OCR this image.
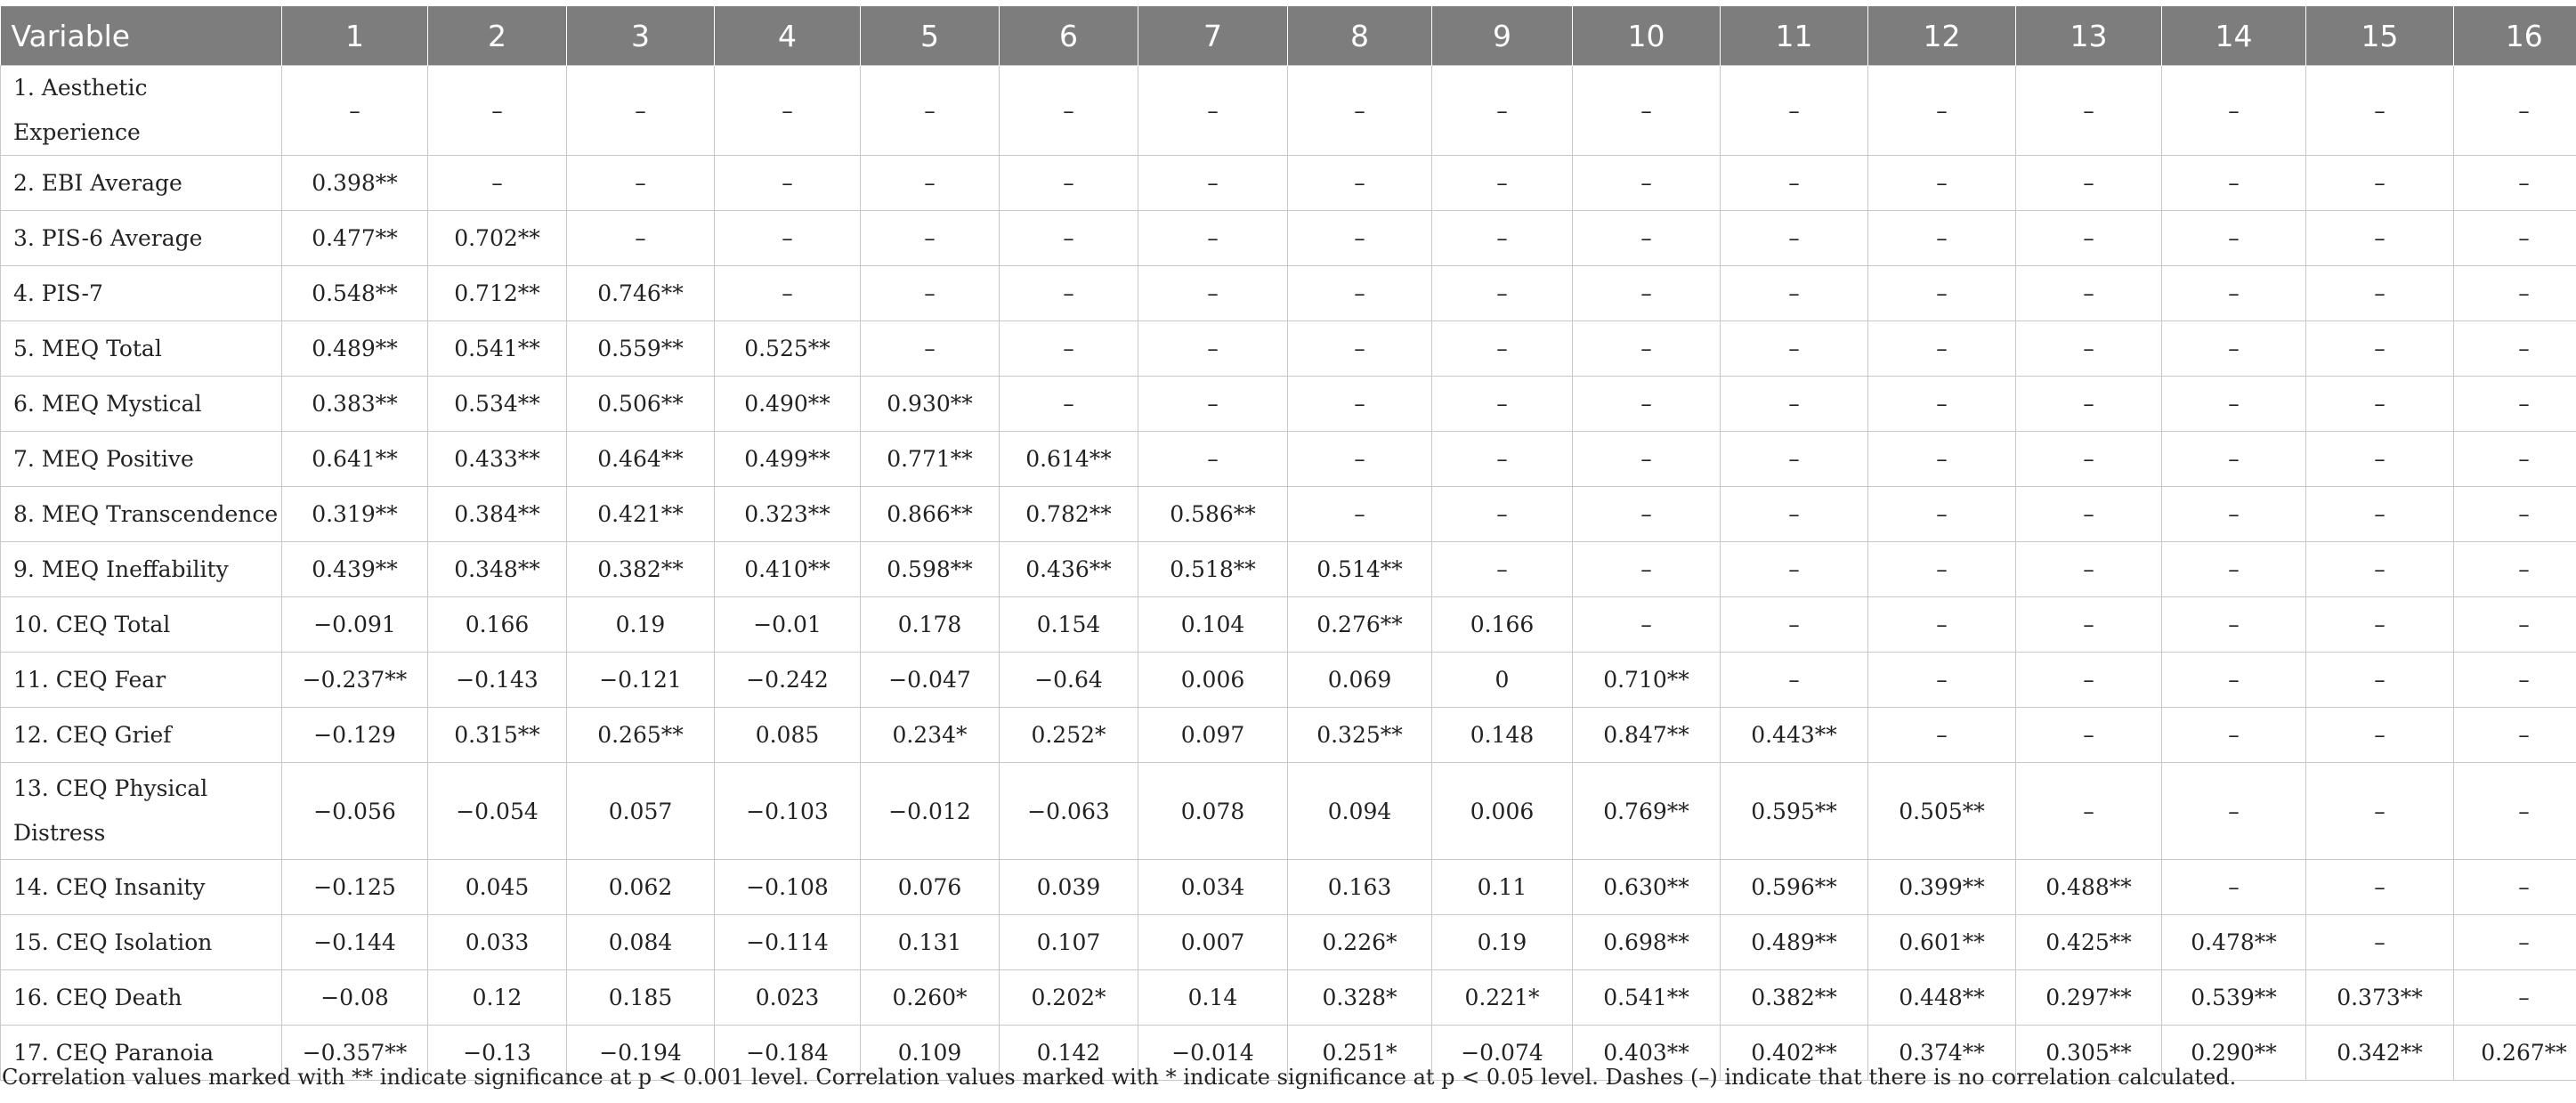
Variable	1	2	3	4	5	6	7	8	9	10	11	12	13	14	15	16
1. Aesthetic Experience	–	–	–	–	–	–	–	–	–	–	–	–	–	–	–	–
2. EBI Average	0.398**	–	–	–	–	–	–	–	–	–	–	–	–	–	–	–
3. PIS-6 Average	0.477**	0.702**	–	–	–	–	–	–	–	–	–	–	–	–	–	–
4. PIS-7	0.548**	0.712**	0.746**	–	–	–	–	–	–	–	–	–	–	–	–	–
5. MEQ Total	0.489**	0.541**	0.559**	0.525**	–	–	–	–	–	–	–	–	–	–	–	–
6. MEQ Mystical	0.383**	0.534**	0.506**	0.490**	0.930**	–	–	–	–	–	–	–	–	–	–	–
7. MEQ Positive	0.641**	0.433**	0.464**	0.499**	0.771**	0.614**	–	–	–	–	–	–	–	–	–	–
8. MEQ Transcendence	0.319**	0.384**	0.421**	0.323**	0.866**	0.782**	0.586**	–	–	–	–	–	–	–	–	–
9. MEQ Ineffability	0.439**	0.348**	0.382**	0.410**	0.598**	0.436**	0.518**	0.514**	–	–	–	–	–	–	–	–
10. CEQ Total	−0.091	0.166	0.19	−0.01	0.178	0.154	0.104	0.276**	0.166	–	–	–	–	–	–	–
11. CEQ Fear	−0.237**	−0.143	−0.121	−0.242	−0.047	−0.64	0.006	0.069	0	0.710**	–	–	–	–	–	–
12. CEQ Grief	−0.129	0.315**	0.265**	0.085	0.234*	0.252*	0.097	0.325**	0.148	0.847**	0.443**	–	–	–	–	–
13. CEQ Physical Distress	−0.056	−0.054	0.057	−0.103	−0.012	−0.063	0.078	0.094	0.006	0.769**	0.595**	0.505**	–	–	–	–
14. CEQ Insanity	−0.125	0.045	0.062	−0.108	0.076	0.039	0.034	0.163	0.11	0.630**	0.596**	0.399**	0.488**	–	–	–
15. CEQ Isolation	−0.144	0.033	0.084	−0.114	0.131	0.107	0.007	0.226*	0.19	0.698**	0.489**	0.601**	0.425**	0.478**	–	–
16. CEQ Death	−0.08	0.12	0.185	0.023	0.260*	0.202*	0.14	0.328*	0.221*	0.541**	0.382**	0.448**	0.297**	0.539**	0.373**	–
17. CEQ Paranoia	−0.357**	−0.13	−0.194	−0.184	0.109	0.142	−0.014	0.251*	−0.074	0.403**	0.402**	0.374**	0.305**	0.290**	0.342**	0.267**
Correlation values marked with ** indicate significance at p < 0.001 level. Correlation values marked with * indicate significance at p < 0.05 level. Dashes (–) indicate that there is no correlation calculated.
